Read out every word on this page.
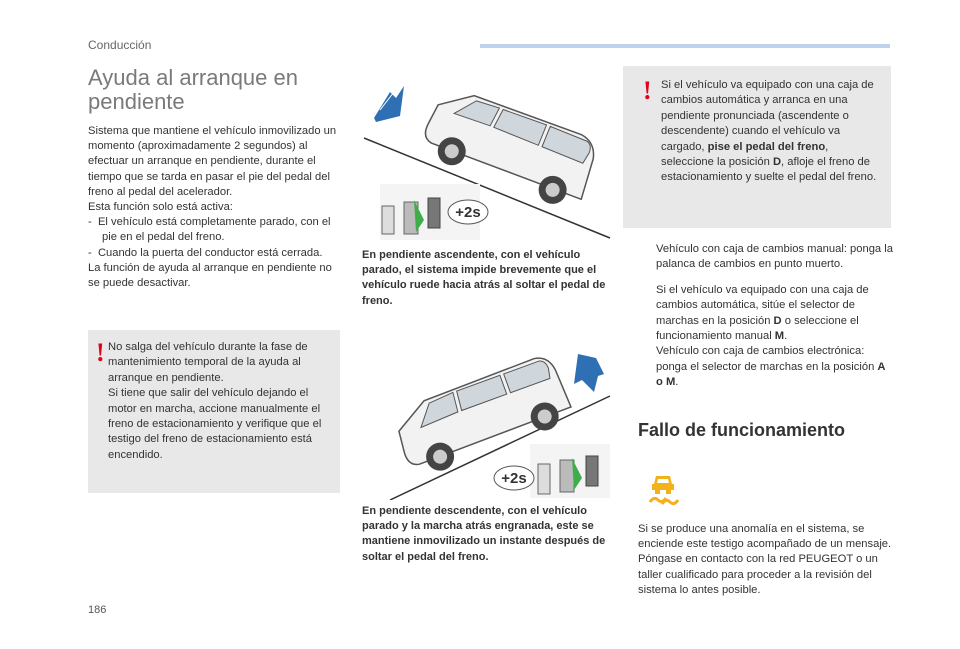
Conducción
Ayuda al arranque en pendiente
Sistema que mantiene el vehículo inmovilizado un momento (aproximadamente 2 segundos) al efectuar un arranque en pendiente, durante el tiempo que se tarda en pasar el pie del pedal del freno al pedal del acelerador.
Esta función solo está activa:
-  El vehículo está completamente parado, con el pie en el pedal del freno.
-  Cuando la puerta del conductor está cerrada.
La función de ayuda al arranque en pendiente no se puede desactivar.
! No salga del vehículo durante la fase de mantenimiento temporal de la ayuda al arranque en pendiente.
Si tiene que salir del vehículo dejando el motor en marcha, accione manualmente el freno de estacionamiento y verifique que el testigo del freno de estacionamiento está encendido.
+2s
En pendiente ascendente, con el vehículo parado, el sistema impide brevemente que el vehículo ruede hacia atrás al soltar el pedal de freno.
+2s
En pendiente descendente, con el vehículo parado y la marcha atrás engranada, este se mantiene inmovilizado un instante después de soltar el pedal del freno.
! Si el vehículo va equipado con una caja de cambios automática y arranca en una pendiente pronunciada (ascendente o descendente) cuando el vehículo va cargado, pise el pedal del freno, seleccione la posición D, afloje el freno de estacionamiento y suelte el pedal del freno.
Vehículo con caja de cambios manual: ponga la palanca de cambios en punto muerto.
Si el vehículo va equipado con una caja de cambios automática, sitúe el selector de marchas en la posición D o seleccione el funcionamiento manual M.
Vehículo con caja de cambios electrónica: ponga el selector de marchas en la posición A o M.
Fallo de funcionamiento
Si se produce una anomalía en el sistema, se enciende este testigo acompañado de un mensaje. Póngase en contacto con la red PEUGEOT o un taller cualificado para proceder a la revisión del sistema lo antes posible.
186
